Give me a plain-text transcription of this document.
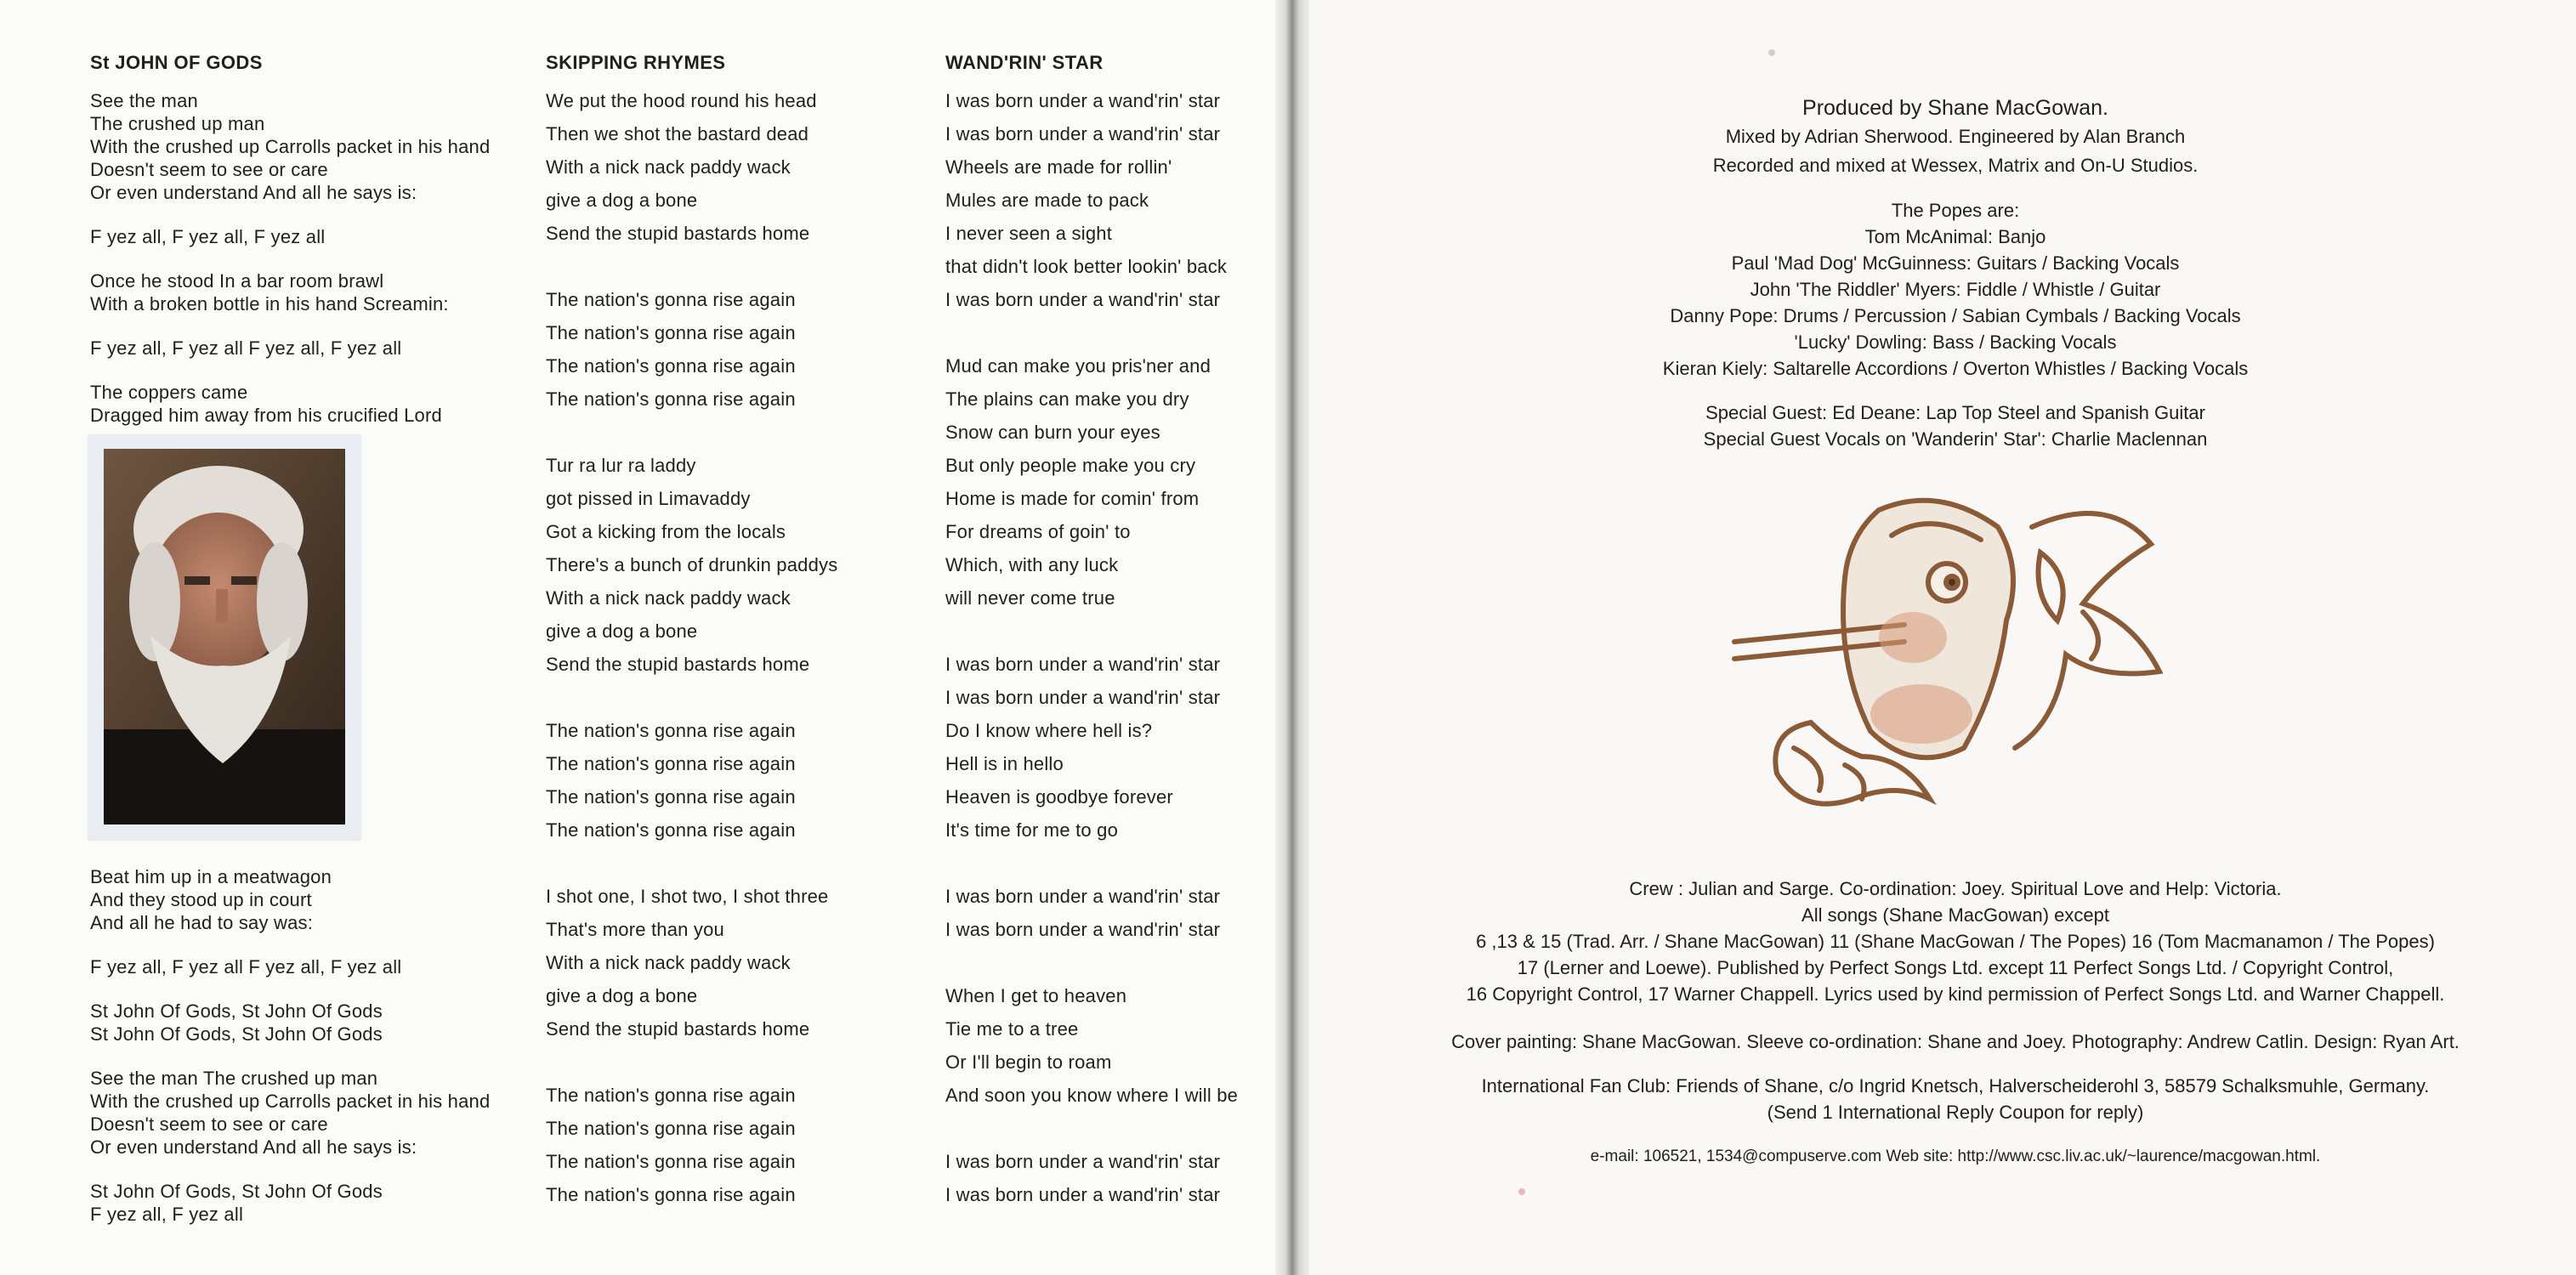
St JOHN OF GODS
See the man
The crushed up man
With the crushed up Carrolls packet in his hand
Doesn't seem to see or care
Or even understand And all he says is:
F yez all, F yez all, F yez all
Once he stood In a bar room brawl
With a broken bottle in his hand Screamin:
F yez all, F yez all F yez all, F yez all
The coppers came
Dragged him away from his crucified Lord
Beat him up in a meatwagon
And they stood up in court
And all he had to say was:
F yez all, F yez all F yez all, F yez all
St John Of Gods, St John Of Gods
St John Of Gods, St John Of Gods
See the man The crushed up man
With the crushed up Carrolls packet in his hand
Doesn't seem to see or care
Or even understand And all he says is:
St John Of Gods, St John Of Gods
F yez all, F yez all
SKIPPING RHYMES
We put the hood round his head
Then we shot the bastard dead
With a nick nack paddy wack
give a dog a bone
Send the stupid bastards home
The nation's gonna rise again
The nation's gonna rise again
The nation's gonna rise again
The nation's gonna rise again
Tur ra lur ra laddy
got pissed in Limavaddy
Got a kicking from the locals
There's a bunch of drunkin paddys
With a nick nack paddy wack
give a dog a bone
Send the stupid bastards home
The nation's gonna rise again
The nation's gonna rise again
The nation's gonna rise again
The nation's gonna rise again
I shot one, I shot two, I shot three
That's more than you
With a nick nack paddy wack
give a dog a bone
Send the stupid bastards home
The nation's gonna rise again
The nation's gonna rise again
The nation's gonna rise again
The nation's gonna rise again
WAND'RIN' STAR
I was born under a wand'rin' star
I was born under a wand'rin' star
Wheels are made for rollin'
Mules are made to pack
I never seen a sight
that didn't look better lookin' back
I was born under a wand'rin' star
Mud can make you pris'ner and
The plains can make you dry
Snow can burn your eyes
But only people make you cry
Home is made for comin' from
For dreams of goin' to
Which, with any luck
will never come true
I was born under a wand'rin' star
I was born under a wand'rin' star
Do I know where hell is?
Hell is in hello
Heaven is goodbye forever
It's time for me to go
I was born under a wand'rin' star
I was born under a wand'rin' star
When I get to heaven
Tie me to a tree
Or I'll begin to roam
And soon you know where I will be
I was born under a wand'rin' star
I was born under a wand'rin' star
Produced by Shane MacGowan.
Mixed by Adrian Sherwood. Engineered by Alan Branch
Recorded and mixed at Wessex, Matrix and On-U Studios.
The Popes are:
Tom McAnimal: Banjo
Paul 'Mad Dog' McGuinness: Guitars / Backing Vocals
John 'The Riddler' Myers: Fiddle / Whistle / Guitar
Danny Pope: Drums / Percussion / Sabian Cymbals / Backing Vocals
'Lucky' Dowling: Bass / Backing Vocals
Kieran Kiely: Saltarelle Accordions / Overton Whistles / Backing Vocals
Special Guest: Ed Deane: Lap Top Steel and Spanish Guitar
Special Guest Vocals on 'Wanderin' Star': Charlie Maclennan
Crew : Julian and Sarge. Co-ordination: Joey. Spiritual Love and Help: Victoria.
All songs (Shane MacGowan) except
6 ,13 & 15 (Trad. Arr. / Shane MacGowan) 11 (Shane MacGowan / The Popes) 16 (Tom Macmanamon / The Popes)
17 (Lerner and Loewe). Published by Perfect Songs Ltd. except 11 Perfect Songs Ltd. / Copyright Control,
16 Copyright Control, 17 Warner Chappell. Lyrics used by kind permission of Perfect Songs Ltd. and Warner Chappell.
Cover painting: Shane MacGowan. Sleeve co-ordination: Shane and Joey. Photography: Andrew Catlin. Design: Ryan Art.
International Fan Club: Friends of Shane, c/o Ingrid Knetsch, Halverscheiderohl 3, 58579 Schalksmuhle, Germany.
(Send 1 International Reply Coupon for reply)
e-mail: 106521, 1534@compuserve.com Web site: http://www.csc.liv.ac.uk/~laurence/macgowan.html.
